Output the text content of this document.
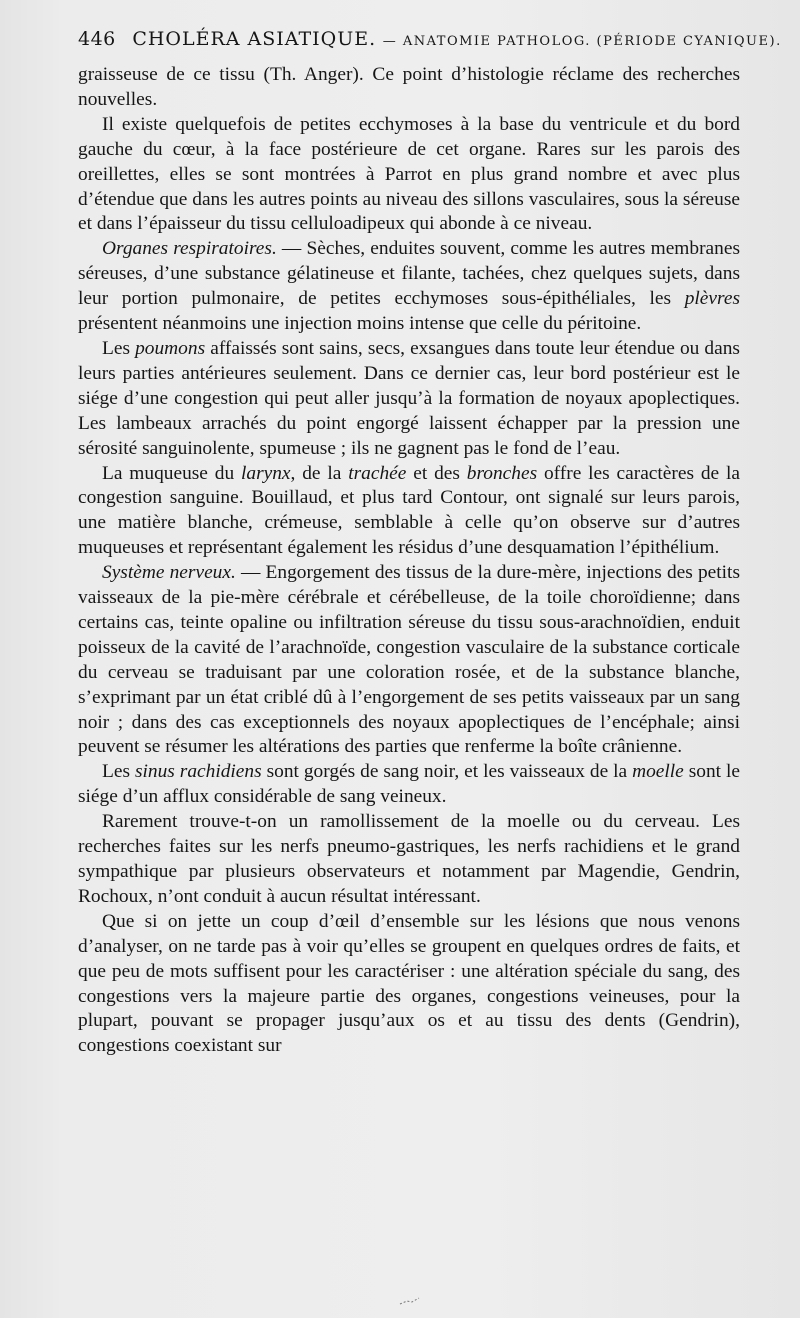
446 CHOLÉRA ASIATIQUE. — ANATOMIE PATHOLOG. (PÉRIODE CYANIQUE).

graisseuse de ce tissu (Th. Anger). Ce point d’histologie réclame des recherches nouvelles.

Il existe quelquefois de petites ecchymoses à la base du ventricule et du bord gauche du cœur, à la face postérieure de cet organe. Rares sur les parois des oreillettes, elles se sont montrées à Parrot en plus grand nombre et avec plus d’étendue que dans les autres points au niveau des sillons vasculaires, sous la séreuse et dans l’épaisseur du tissu celluloadipeux qui abonde à ce niveau.

Organes respiratoires. — Sèches, enduites souvent, comme les autres membranes séreuses, d’une substance gélatineuse et filante, tachées, chez quelques sujets, dans leur portion pulmonaire, de petites ecchymoses sous-épithéliales, les plèvres présentent néanmoins une injection moins intense que celle du péritoine.

Les poumons affaissés sont sains, secs, exsangues dans toute leur étendue ou dans leurs parties antérieures seulement. Dans ce dernier cas, leur bord postérieur est le siége d’une congestion qui peut aller jusqu’à la formation de noyaux apoplectiques. Les lambeaux arrachés du point engorgé laissent échapper par la pression une sérosité sanguinolente, spumeuse ; ils ne gagnent pas le fond de l’eau.

La muqueuse du larynx, de la trachée et des bronches offre les caractères de la congestion sanguine. Bouillaud, et plus tard Contour, ont signalé sur leurs parois, une matière blanche, crémeuse, semblable à celle qu’on observe sur d’autres muqueuses et représentant également les résidus d’une desquamation l’épithélium.

Système nerveux. — Engorgement des tissus de la dure-mère, injections des petits vaisseaux de la pie-mère cérébrale et cérébelleuse, de la toile choroïdienne; dans certains cas, teinte opaline ou infiltration séreuse du tissu sous-arachnoïdien, enduit poisseux de la cavité de l’arachnoïde, congestion vasculaire de la substance corticale du cerveau se traduisant par une coloration rosée, et de la substance blanche, s’exprimant par un état criblé dû à l’engorgement de ses petits vaisseaux par un sang noir ; dans des cas exceptionnels des noyaux apoplectiques de l’encéphale; ainsi peuvent se résumer les altérations des parties que renferme la boîte crânienne.

Les sinus rachidiens sont gorgés de sang noir, et les vaisseaux de la moelle sont le siége d’un afflux considérable de sang veineux.

Rarement trouve-t-on un ramollissement de la moelle ou du cerveau. Les recherches faites sur les nerfs pneumo-gastriques, les nerfs rachidiens et le grand sympathique par plusieurs observateurs et notamment par Magendie, Gendrin, Rochoux, n’ont conduit à aucun résultat intéressant.

Que si on jette un coup d’œil d’ensemble sur les lésions que nous venons d’analyser, on ne tarde pas à voir qu’elles se groupent en quelques ordres de faits, et que peu de mots suffisent pour les caractériser : une altération spéciale du sang, des congestions vers la majeure partie des organes, congestions veineuses, pour la plupart, pouvant se propager jusqu’aux os et au tissu des dents (Gendrin), congestions coexistant sur
